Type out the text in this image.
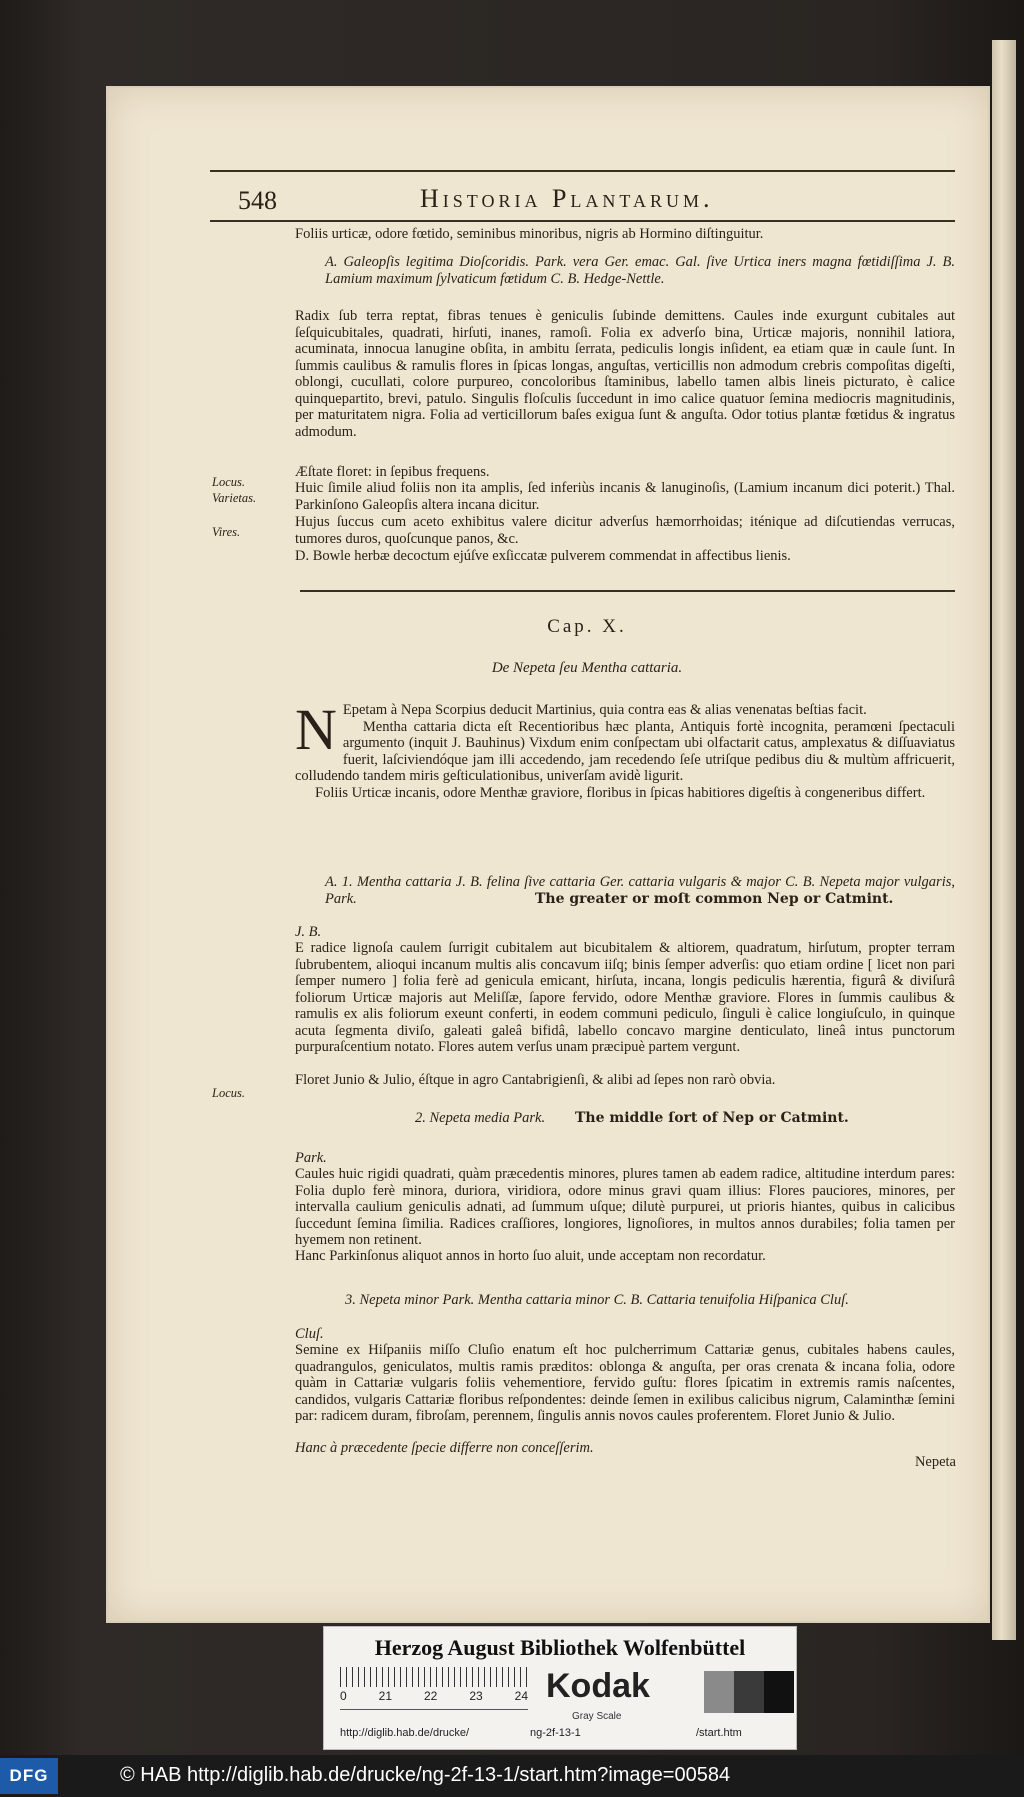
548	Historia Plantarum.
Foliis urticæ, odore fœtido, seminibus minoribus, nigris ab Hormino diſtinguitur.
A. Galeopſis legitima Dioſcoridis. Park. vera Ger. emac. Gal. ſive Urtica iners magna fœtidiſſima J. B. Lamium maximum ſylvaticum fœtidum C. B. Hedge-Nettle.
Radix ſub terra reptat, fibras tenues è geniculis ſubinde demittens. Caules inde exurgunt cubitales aut ſeſquicubitales, quadrati, hirſuti, inanes, ramoſi. Folia ex adverſo bina, Urticæ majoris, nonnihil latiora, acuminata, innocua lanugine obſita, in ambitu ſerrata, pediculis longis inſident, ea etiam quæ in caule ſunt. In ſummis caulibus & ramulis flores in ſpicas longas, anguſtas, verticillis non admodum crebris compoſitas digeſti, oblongi, cucullati, colore purpureo, concoloribus ſtaminibus, labello tamen albis lineis picturato, è calice quinquepartito, brevi, patulo. Singulis floſculis ſuccedunt in imo calice quatuor ſemina mediocris magnitudinis, per maturitatem nigra. Folia ad verticillorum baſes exigua ſunt & anguſta. Odor totius plantæ fœtidus & ingratus admodum.
Æſtate floret: in ſepibus frequens.
Huic ſimile aliud foliis non ita amplis, ſed inferiùs incanis & lanuginoſis, (Lamium incanum dici poterit.) Thal. Parkinſono Galeopſis altera incana dicitur.
Hujus ſuccus cum aceto exhibitus valere dicitur adverſus hæmorrhoidas; iténique ad diſcutiendas verrucas, tumores duros, quoſcunque panos, &c.
D. Bowle herbæ decoctum ejúſve exſiccatæ pulverem commendat in affectibus lienis.
Locus.
Varietas.
Vires.
Cap. X.
De Nepeta ſeu Mentha cattaria.
N Epetam à Nepa Scorpius deducit Martinius, quia contra eas & alias venenatas beſtias facit.

Mentha cattaria dicta eſt Recentioribus hæc planta, Antiquis fortè incognita, peramœni ſpectaculi argumento (inquit J. Bauhinus) Vixdum enim conſpectam ubi olfactarit catus, amplexatus & diſſuaviatus fuerit, laſciviendóque jam illi accedendo, jam recedendo ſeſe utriſque pedibus diu & multùm affricuerit, colludendo tandem miris geſticulationibus, univerſam avidè ligurit.

Foliis Urticæ incanis, odore Menthæ graviore, floribus in ſpicas habitiores digeſtis à congeneribus differt.

A. 1. Mentha cattaria J. B. felina ſive cattaria Ger. cattaria vulgaris & major C. B. Nepeta major vulgaris, Park.	The greater or moſt common Nep or Catmint.
J. B.
E radice lignoſa caulem ſurrigit cubitalem aut bicubitalem & altiorem, quadratum, hirſutum, propter terram ſubrubentem, alioqui incanum multis alis concavum iiſq; binis ſemper adverſis: quo etiam ordine [ licet non pari ſemper numero ] folia ferè ad genicula emicant, hirſuta, incana, longis pediculis hærentia, figurâ & diviſurâ foliorum Urticæ majoris aut Meliſſæ, ſapore fervido, odore Menthæ graviore. Flores in ſummis caulibus & ramulis ex alis foliorum exeunt conferti, in eodem communi pediculo, ſinguli è calice longiuſculo, in quinque acuta ſegmenta diviſo, galeati galeâ bifidâ, labello concavo margine denticulato, lineâ intus punctorum purpuraſcentium notato. Flores autem verſus unam præcipuè partem vergunt.
Floret Junio & Julio, éſtque in agro Cantabrigienſi, & alibi ad ſepes non rarò obvia.
Locus.
2. Nepeta media Park.	The middle ſort of Nep or Catmint.
Park.
Caules huic rigidi quadrati, quàm præcedentis minores, plures tamen ab eadem radice, altitudine interdum pares: Folia duplo ferè minora, duriora, viridiora, odore minus gravi quam illius: Flores pauciores, minores, per intervalla caulium geniculis adnati, ad ſummum uſque; dilutè purpurei, ut prioris hiantes, quibus in calicibus ſuccedunt ſemina ſimilia. Radices craſſiores, longiores, lignoſiores, in multos annos durabiles; folia tamen per hyemem non retinent.
Hanc Parkinſonus aliquot annos in horto ſuo aluit, unde acceptam non recordatur.
3. Nepeta minor Park. Mentha cattaria minor C. B. Cattaria tenuifolia Hiſpanica Cluſ.
Cluſ.
Semine ex Hiſpaniis miſſo Cluſio enatum eſt hoc pulcherrimum Cattariæ genus, cubitales habens caules, quadrangulos, geniculatos, multis ramis præditos: oblonga & anguſta, per oras crenata & incana folia, odore quàm in Cattariæ vulgaris foliis vehementiore, fervido guſtu: flores ſpicatim in extremis ramis naſcentes, candidos, vulgaris Cattariæ floribus reſpondentes: deinde ſemen in exilibus calicibus nigrum, Calaminthæ ſemini par: radicem duram, fibroſam, perennem, ſingulis annis novos caules proferentem. Floret Junio & Julio.
Hanc à præcedente ſpecie differre non conceſſerim.
Nepeta
Herzog August Bibliothek Wolfenbüttel
0	21	22	23	24 Kodak
Gray Scale
http://diglib.hab.de/drucke/	ng-2f-13-1	/start.htm
DFG	© HAB http://diglib.hab.de/drucke/ng-2f-13-1/start.htm?image=00584
